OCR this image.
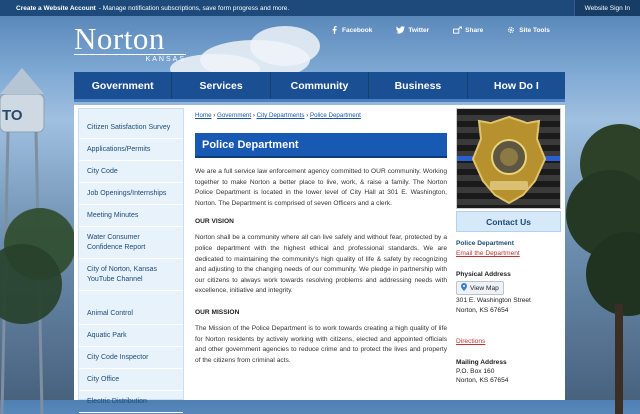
TO
Create a Website Account - Manage notification subscriptions, save form progress and more.	Website Sign In
Norton
KANSAS
Facebook	Twitter	Share	Site Tools
Government	Services	Community	Business	How Do I
Citizen Satisfaction Survey
Applications/Permits
City Code
Job Openings/Internships
Meeting Minutes
Water Consumer Confidence Report
City of Norton, Kansas YouTube Channel
Animal Control
Aquatic Park
City Code Inspector
City Office
Electric Distribution
Home › Government › City Departments › Police Department
Police Department

We are a full service law enforcement agency committed to OUR community. Working together to make Norton a better place to live, work, & raise a family. The Norton Police Department is located in the lower level of City Hall at 301 E. Washington, Norton. The Department is comprised of seven Officers and a clerk.

OUR VISION

Norton shall be a community where all can live safely and without fear, protected by a police department with the highest ethical and professional standards. We are dedicated to maintaining the community's high quality of life & safety by recognizing and adjusting to the changing needs of our community. We pledge in partnership with our citizens to always work towards resolving problems and addressing needs with excellence, initiative and integrity.

OUR MISSION

The Mission of the Police Department is to work towards creating a high quality of life for Norton residents by actively working with citizens, elected and appointed officials and other government agencies to reduce crime and to protect the lives and property of the citizens from criminal acts.

Contact Us
Police Department
Email the Department
Physical Address
View Map
301 E. Washington Street
Norton, KS 67654
Directions
Mailing Address
P.O. Box 160
Norton, KS 67654
